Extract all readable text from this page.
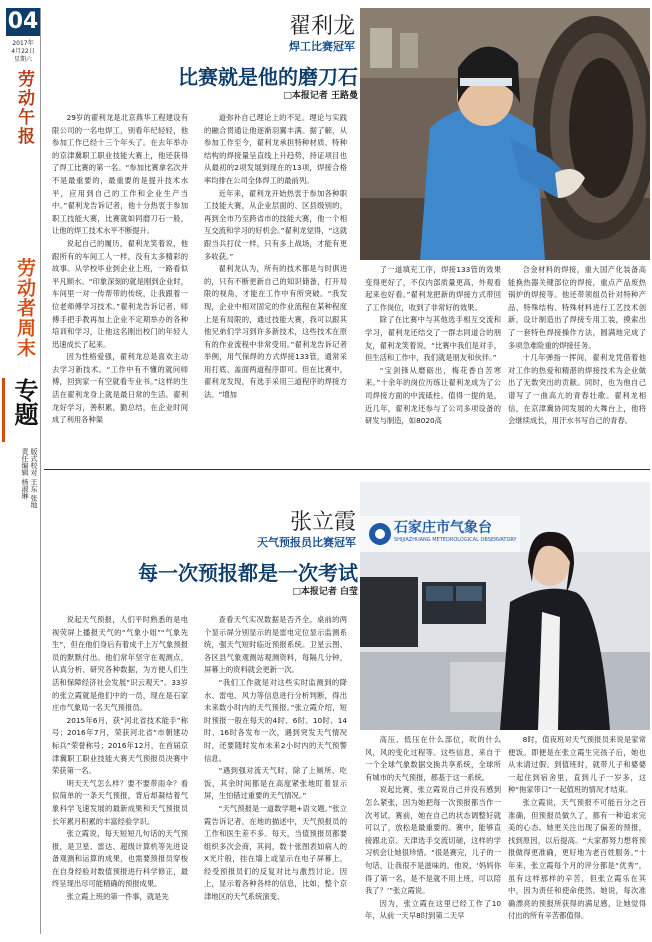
04
2017年
4月22日
星期六
劳动午报
劳动者周末
专题
版式校对 王东 张地
责任编辑 杨淑琳
翟利龙
焊工比赛冠军
比赛就是他的磨刀石
□本报记者 王路曼

29岁的翟利龙是北京燕华工程建设有限公司的一名电焊工，别看年纪轻轻，他参加工作已经十三个年头了。在去年举办的京津冀职工职业技能大赛上，他还获得了焊工比赛的第一名。“参加比赛拿名次并不是最重要的，最重要的是提升技术水平，应用到自己的工作和企业生产当中。”翟利龙告诉记者，他十分热衷于参加职工技能大赛，比赛就如同磨刀石一般，让他的焊工技术水平不断提升。

说起自己的履历，翟利龙笑着说，他跟所有的车间工人一样，没有太多精彩的故事。从学校毕业到企业上班，一路看似平凡顺水。“印象深刻的就是刚到企业时，车间里一对一传帮带的传统，让我跟着一位老师傅学习技术。”翟利龙告诉记者，师傅手把手教再加上企业不定期举办的各种培训和学习，让他这名刚出校门的年轻人迅速成长了起来。

因为性格爱强，翟利龙总是喜欢主动去学习新技术。“工作中有不懂的就问师傅，回到家一有空就看专业书。”这样的生活在翟利龙身上就是最日常的生活。翟利龙好学习，善积累，勤总结，在企业时间成了利用各种渠

道弥补自己理论上的不足。理论与实践的融合贯通让他逐渐羽翼丰满。据了解，从参加工作至今，翟利龙承担特种材质、特种结构的焊接量呈直线上升趋势，持证项目也从最初的2项发展到现在的13项，焊接合格率均排在公司全体焊工的最前列。

近年来，翟利龙开始热衷于参加各种职工技能大赛，从企业层面的、区县级别的，再到全市乃至跨省市的技能大赛，他一个相互交流和学习的好机会。”翟利龙觉得，“这就跟当兵打仗一样，只有多上战场，才能有更多收获。”

翟利龙认为，所有的技术都是与时俱进的，只有不断更新自己的知识储备，打开局限的视角，才能在工作中有所突破。“我发现，企业中相对固定的作业流程在某种程度上是有局限的，通过技能大赛，我可以跟其他兄弟们学习到许多新技术，这些技术在原有的作业流程中非常受用。”翟利龙告诉记者举例，用气保焊的方式焊接133管，通常采用打底、盖面两道程序即可。但在比赛中，翟利龙发现，有选手采用三道程序的焊接方法。“增加

了一道填充工序，焊接133管的效果变得更好了，不仅内部质量更高，外观看起来也好看。”翟利龙把新的焊接方式带回了工作岗位，收到了非常好的效果。

除了在比赛中与其他选手相互交流和学习，翟利龙还结交了一群志同道合的朋友，翟利龙笑着说，“比赛中我们是对手，但生活和工作中，我们就是朋友和伙伴。”

“宝剑锋从磨砺出，梅花香自苦寒来。”十余年的岗位历练让翟利龙成为了公司焊接方面的中流砥柱。值得一提的是，近几年，翟利龙还参与了公司多项设备的研发与制造，如8020高

合金材料的焊接，重大国产化装备高能换热器关键部位的焊接，重点产品废热锅炉的焊接等。他还带领组员针对特种产品、特殊结构、特殊材料进行工艺技术创新，设计制造出了焊接专用工装，摸索出了一套特色焊接操作方法，圆满地完成了多项急难险重的焊接任务。

十几年弹指一挥间，翟利龙凭借着他对工作的热爱和精湛的焊接技术为企业做出了无数突出的贡献。同时，也为他自己谱写了一曲高亢的青春壮歌。翟利龙相信，在京津冀协同发展的大舞台上，他将会继续成长，用汗水书写自己的青春。

张立霞
天气预报员比赛冠军
每一次预报都是一次考试
□本报记者 白莹
石家庄市气象台
SHIJIAZHUANG METEOROLOGICAL OBSERVATORY

说起天气预报，人们平时熟悉的是电视荧屏上播报天气的“气象小姐”“气象先生”，但在他们身后有着成千上万气象预报员的默默付出。他们常年坚守在观测点，认真分析、研究各种数据，为方便人们生活和保障经济社会发展“识云观天”。33岁的张立霞就是他们中的一员，现在是石家庄市气象局一名天气预报员。

2015年6月，获“河北省技术能手”称号；2016年7月，荣获河北省“市朝建功标兵”荣誉称号；2016年12月，在首届京津冀职工职业技能大赛天气预报员决赛中荣获第一名。

明天天气怎么样？要不要带雨伞？看似简单的一条天气预报，背后却凝结着气象科学飞速发展的最新成果和天气预报员长年累月积累的丰富经验学识。

张立霞说，每天短短几句话的天气预报，是卫星、雷达、超级计算机等先进设备观测和运算的成果，也需要预报员穿梭在自身经验对数值预报进行科学修正，最终呈现出尽可能精确的预报成果。

张立霞上班的第一件事，就是先

查看天气实况数据是否齐全。桌前的两个显示屏分别显示的是雷电定位显示监测系统，强天气短时临近预报系统。卫星云图、各区县气象观测站观测资料，每隔几分钟，屏幕上的资料就会更新一次。

“我们工作就是对这些实时监测到的降水、雷电、风力等信息进行分析判断，得出未来数小时内的天气预报。”张立霞介绍，短时预报一般在每天的4时、6时、10时、14时、16时各发布一次，遇到突发天气情况时，还要随时发布未来2小时内的天气预警信息。

“遇到强对流天气时，除了上厕所、吃饭，其余时间都是在高度紧张地盯着显示屏，生怕错过重要的天气情况。”

“天气预报是一道数学题+语文题。”张立霞告诉记者，在地的描述中，天气预报员的工作和医生差不多。每天，当值预报员都要组织多次会商，其间，数十张图表如病人的X光片般，挂在墙上或显示在电子屏幕上，经受预报员们的反复对比与激烈讨论。因上，显示着各种各样的信息，比如，整个京津地区的天气系统演变、

高压、低压在什么部位，吹的什么风，风的变化过程等。这些信息，来自于一个全球气象数据交换共享系统，全球所有城市的天气预报，都基于这一系统。

说起比赛，张立霞说自己并没有感到怎么紧张，因为她把每一次预报都当作一次考试。赛前，她在自己的状态调整好就可以了，放松是最重要的。赛中，能够直接跟北京、天津选手交流切磋，这样的学习机会让她很珍惜。“很是赛完，儿子的一句话，让我很不是滋味的。他说，‘妈妈你得了第一名，是不是就不用上班，可以陪我了？’”张立霞说。

因为，张立霞在这里已经工作了10年，从前一天早8时到第二天早

8时，值夜班对天气预报员来说是家常便饭。即便是在张立霞生完孩子后，她也从未请过假。到值班时，就带儿子和婆婆一起住到宿舍里，直到儿子一岁多，这种“拖家带口”一起值班的情况才结束。

张立霞说，天气预报不可能百分之百准确，但预报员做久了，都有一种追求完美的心态。她更关注出现了偏差的预报，找到原因，以后提高。“大家都努力想将预报做得更准确，更好地为老百姓服务。”十年来，张立霞每个月的评分都是“优秀”，虽有这样那样的辛苦，但张立霞乐在其中，因为责任和使命使然。她说，每次准确漂亮的预报所获得的满足感，让她觉得付出的所有辛苦都值得。
